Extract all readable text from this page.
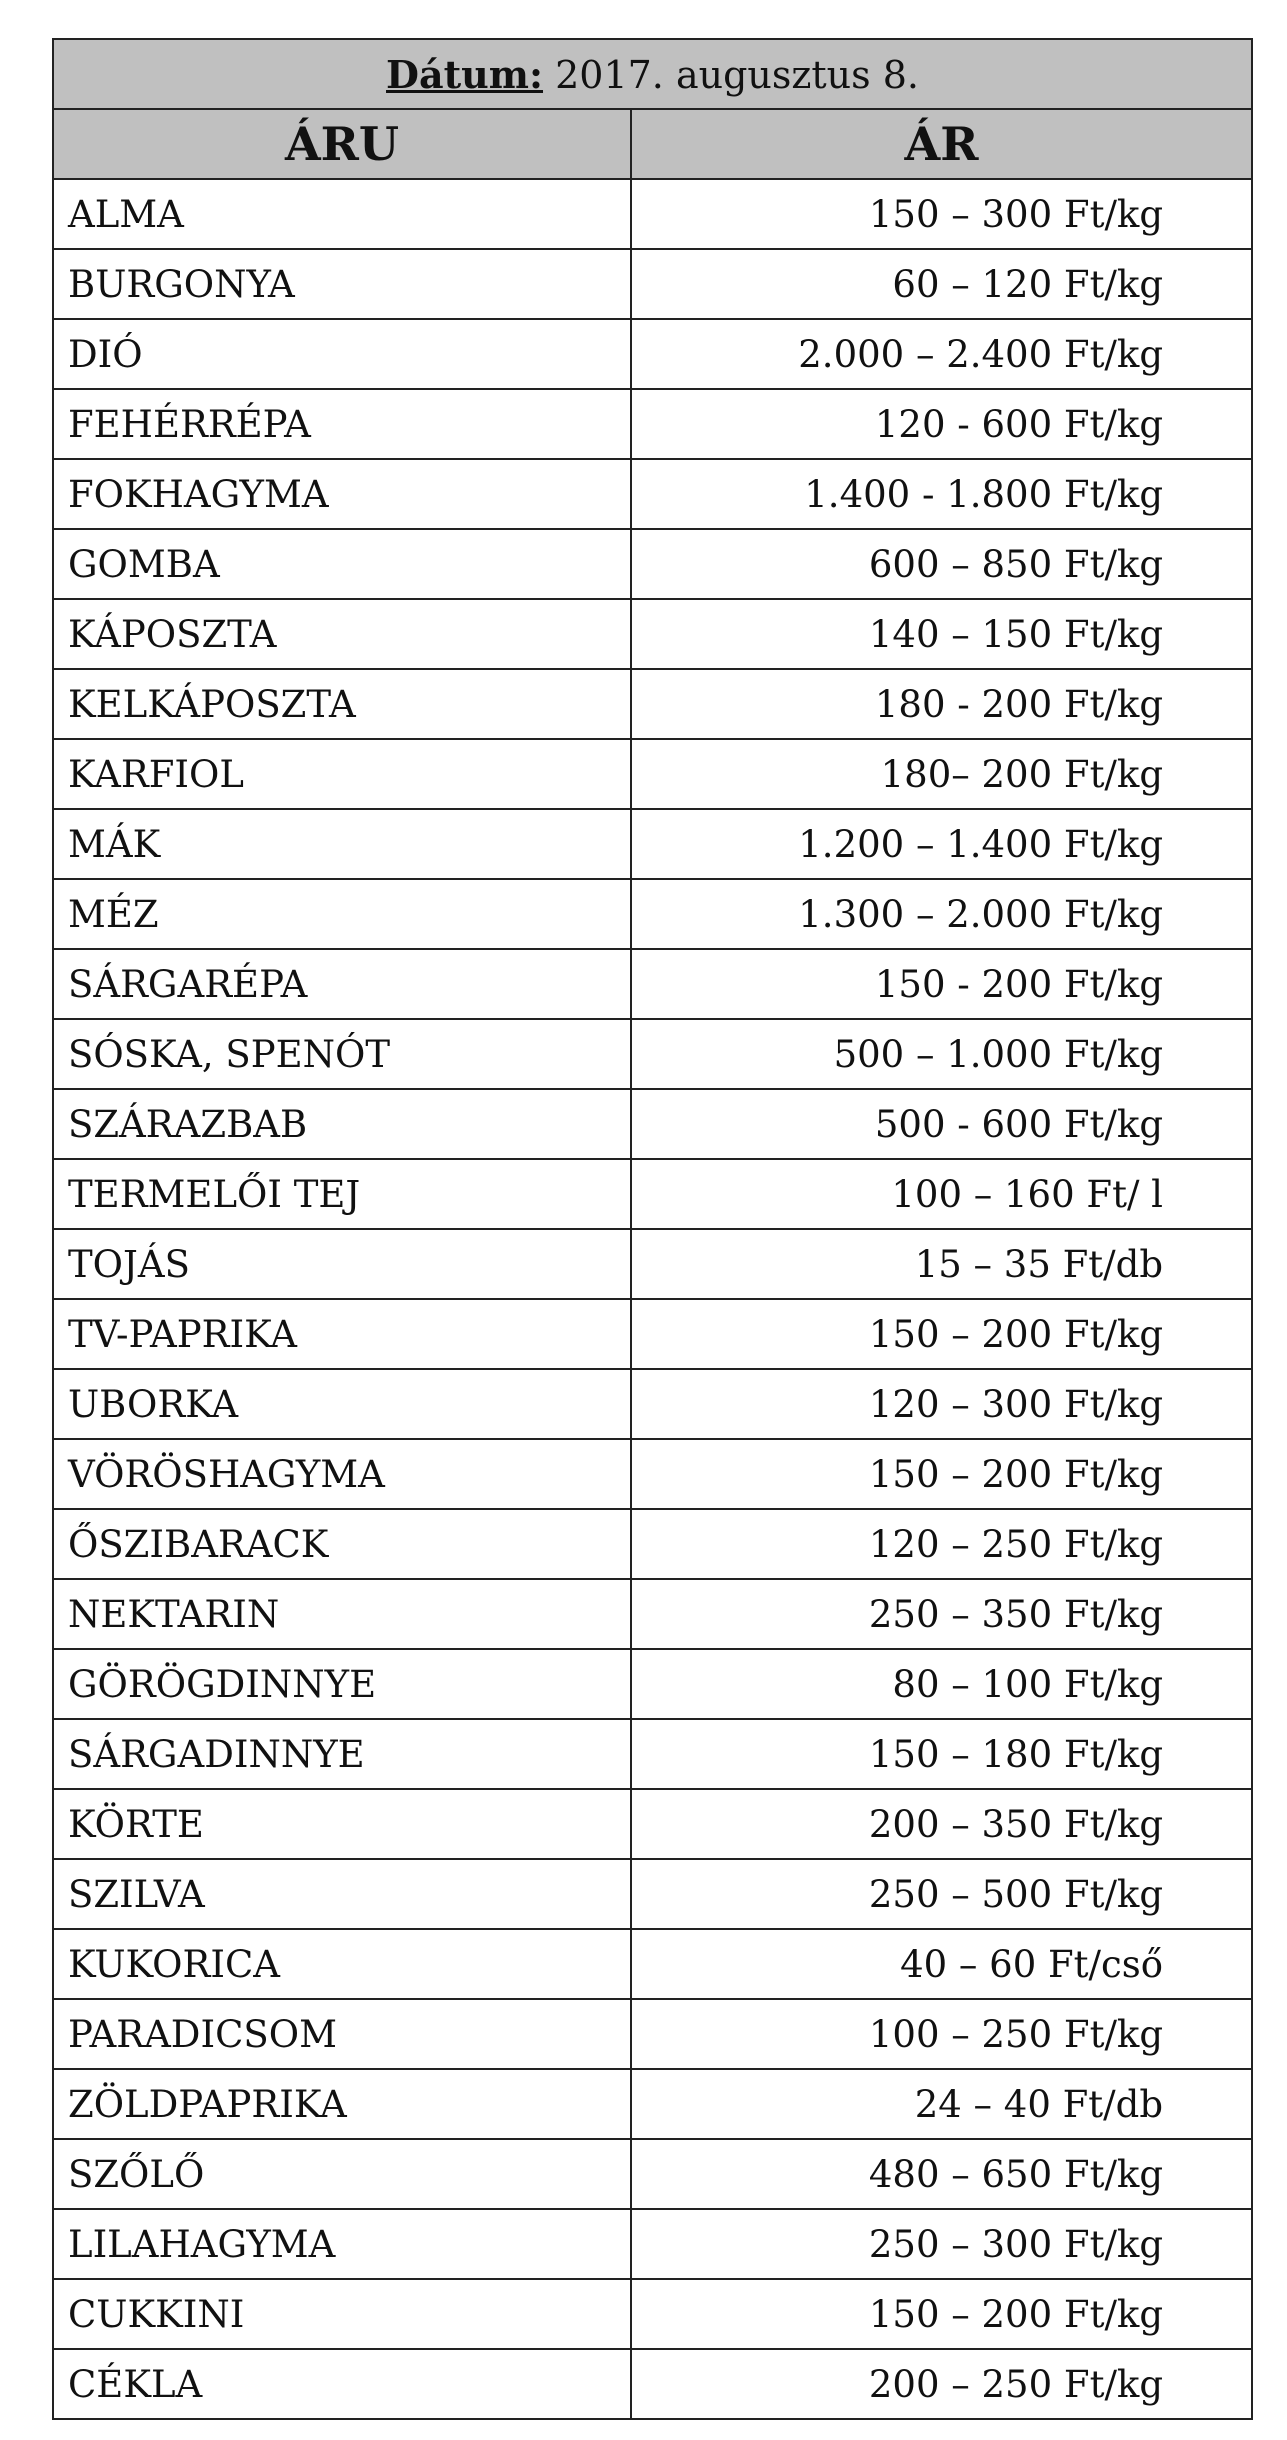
Dátum: 2017. augusztus 8.	
ÁRU	ÁR
ALMA	150 – 300 Ft/kg
BURGONYA	60 – 120 Ft/kg
DIÓ	2.000 – 2.400 Ft/kg
FEHÉRRÉPA	120 - 600 Ft/kg
FOKHAGYMA	1.400 - 1.800 Ft/kg
GOMBA	600 – 850 Ft/kg
KÁPOSZTA	140 – 150 Ft/kg
KELKÁPOSZTA	180 - 200 Ft/kg
KARFIOL	180– 200 Ft/kg
MÁK	1.200 – 1.400 Ft/kg
MÉZ	1.300 – 2.000 Ft/kg
SÁRGARÉPA	150 - 200 Ft/kg
SÓSKA, SPENÓT	500 – 1.000 Ft/kg
SZÁRAZBAB	500 - 600 Ft/kg
TERMELŐI TEJ	100 – 160 Ft/ l
TOJÁS	15 – 35 Ft/db
TV-PAPRIKA	150 – 200 Ft/kg
UBORKA	120 – 300 Ft/kg
VÖRÖSHAGYMA	150 – 200 Ft/kg
ŐSZIBARACK	120 – 250 Ft/kg
NEKTARIN	250 – 350 Ft/kg
GÖRÖGDINNYE	80 – 100 Ft/kg
SÁRGADINNYE	150 – 180 Ft/kg
KÖRTE	200 – 350 Ft/kg
SZILVA	250 – 500 Ft/kg
KUKORICA	40 – 60 Ft/cső
PARADICSOM	100 – 250 Ft/kg
ZÖLDPAPRIKA	24 – 40 Ft/db
SZŐLŐ	480 – 650 Ft/kg
LILAHAGYMA	250 – 300 Ft/kg
CUKKINI	150 – 200 Ft/kg
CÉKLA	200 – 250 Ft/kg
